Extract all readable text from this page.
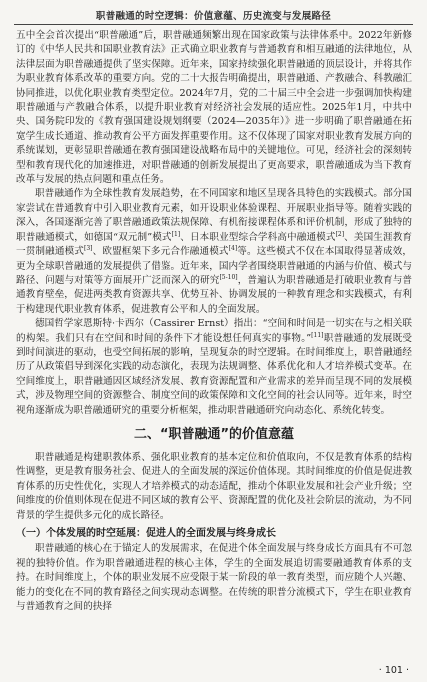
职普融通的时空逻辑：价值意蕴、历史流变与发展路径

五中全会首次提出“职普融通”后，职普融通频繁出现在国家政策与法律体系中。2022年新修订的《中华人民共和国职业教育法》正式确立职业教育与普通教育和相互融通的法律地位，从法律层面为职普融通提供了坚实保障。近年来，国家持续强化职普融通的顶层设计，并将其作为职业教育体系改革的重要方向。党的二十大报告明确提出，职普融通、产教融合、科教融汇协同推进，以优化职业教育类型定位。2024年7月，党的二十届三中全会进一步强调加快构建职普融通与产教融合体系，以提升职业教育对经济社会发展的适应性。2025年1月，中共中央、国务院印发的《教育强国建设规划纲要（2024—2035年）》进一步明确了职普融通在拓宽学生成长通道、推动教育公平方面发挥重要作用。这不仅体现了国家对职业教育发展方向的系统谋划，更彰显职普融通在教育强国建设战略布局中的关键地位。可见，经济社会的深刻转型和教育现代化的加速推进，对职普融通的创新发展提出了更高要求，职普融通成为当下教育改革与发展的热点问题和重点任务。

职普融通作为全球性教育发展趋势，在不同国家和地区呈现各具特色的实践模式。部分国家尝试在普通教育中引入职业教育元素，如开设职业体验课程、开展职业指导等。随着实践的深入，各国逐渐完善了职普融通政策法规保障、有机衔接课程体系和评价机制，形成了独特的职普融通模式，如德国“双元制”模式[1]、日本职业型综合学科高中融通模式[2]、美国生涯教育一贯制融通模式[3]、欧盟框架下多元合作融通模式[4]等。这些模式不仅在本国取得显著成效，更为全球职普融通的发展提供了借鉴。近年来，国内学者围绕职普融通的内涵与价值、模式与路径、问题与对策等方面展开广泛而深入的研究[5-10]，普遍认为职普融通是打破职业教育与普通教育壁垒，促进两类教育资源共享、优势互补、协调发展的一种教育理念和实践模式，有利于构建现代职业教育体系，促进教育公平和人的全面发展。

德国哲学家恩斯特·卡西尔（Cassirer Ernst）指出：“空间和时间是一切实在与之相关联的构架。我们只有在空间和时间的条件下才能设想任何真实的事物。”[11]职普融通的发展既受到时间演进的驱动，也受空间拓展的影响，呈现复杂的时空逻辑。在时间维度上，职普融通经历了从政策倡导到深化实践的动态演化，表现为法规调整、体系优化和人才培养模式变革。在空间维度上，职普融通因区域经济发展、教育资源配置和产业需求的差异而呈现不同的发展模式，涉及物理空间的资源整合、制度空间的政策保障和文化空间的社会认同等。近年来，时空视角逐渐成为职普融通研究的重要分析框架，推动职普融通研究向动态化、系统化转变。

二、“职普融通”的价值意蕴

职普融通是构建职教体系、强化职业教育的基本定位和价值取向，不仅是教育体系的结构性调整，更是教育服务社会、促进人的全面发展的深远价值体现。其时间维度的价值是促进教育体系的历史性优化，实现人才培养模式的动态适配，推动个体职业发展和社会产业升级；空间维度的价值则体现在促进不同区域的教育公平、资源配置的优化及社会阶层的流动，为不同背景的学生提供多元化的成长路径。

（一）个体发展的时空延展：促进人的全面发展与终身成长

职普融通的核心在于锚定人的发展需求，在促进个体全面发展与终身成长方面具有不可忽视的独特价值。作为职普融通进程的核心主体，学生的全面发展追切需要融通教育体系的支持。在时间维度上，个体的职业发展不应受限于某一阶段的单一教育类型，而应随个人兴趣、能力的变化在不同的教育路径之间实现动态调整。在传统的职普分流模式下，学生在职业教育与普通教育之间的抉择

· 101 ·
